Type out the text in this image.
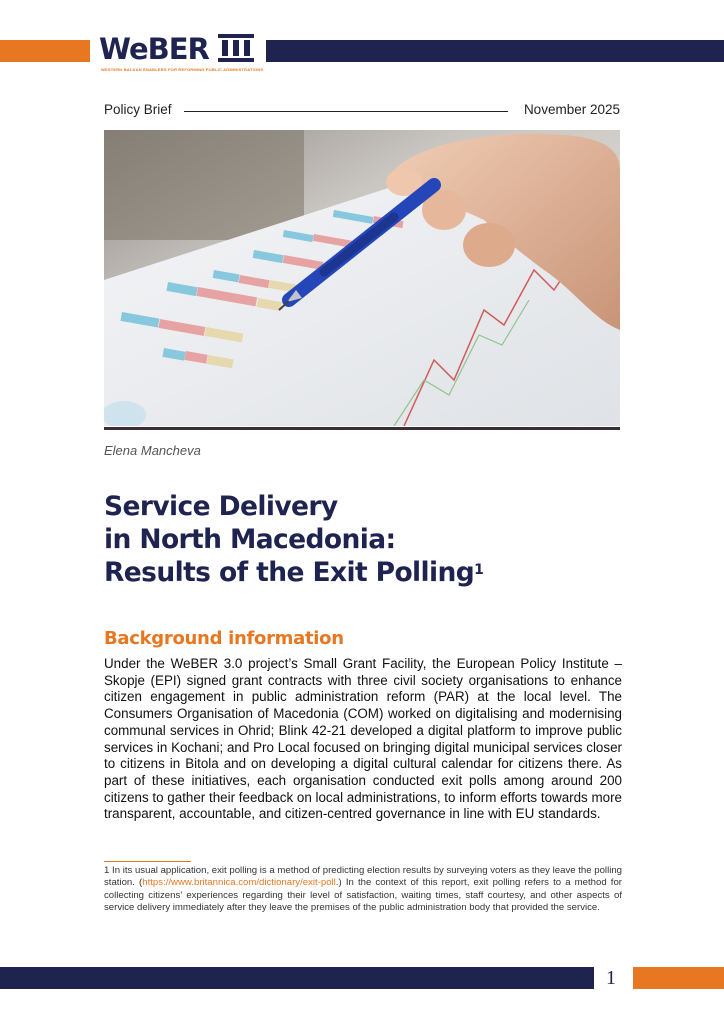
WeBER
WESTERN BALKAN ENABLERS FOR REFORMING PUBLIC ADMINISTRATIONS
Policy Brief	November 2025
Elena Mancheva
Service Delivery
in North Macedonia:
Results of the Exit Polling$^1$
Background information
Under the WeBER 3.0 project’s Small Grant Facility, the European Policy Institute – Skopje (EPI) signed grant contracts with three civil society organisations to enhance citizen engagement in public administration reform (PAR) at the local level. The Consumers Organisation of Macedonia (COM) worked on digitalising and modernising communal services in Ohrid; Blink 42-21 developed a digital platform to improve public services in Kochani; and Pro Local focused on bringing digital municipal services closer to citizens in Bitola and on developing a digital cultural calendar for citizens there. As part of these initiatives, each organisation conducted exit polls among around 200 citizens to gather their feedback on local administrations, to inform efforts towards more transparent, accountable, and citizen-centred governance in line with EU standards.
1 In its usual application, exit polling is a method of predicting election results by surveying voters as they leave the polling station. (https://www.britannica.com/dictionary/exit-poll.) In the context of this report, exit polling refers to a method for collecting citizens’ experiences regarding their level of satisfaction, waiting times, staff courtesy, and other aspects of service delivery immediately after they leave the premises of the public administration body that provided the service.
1
